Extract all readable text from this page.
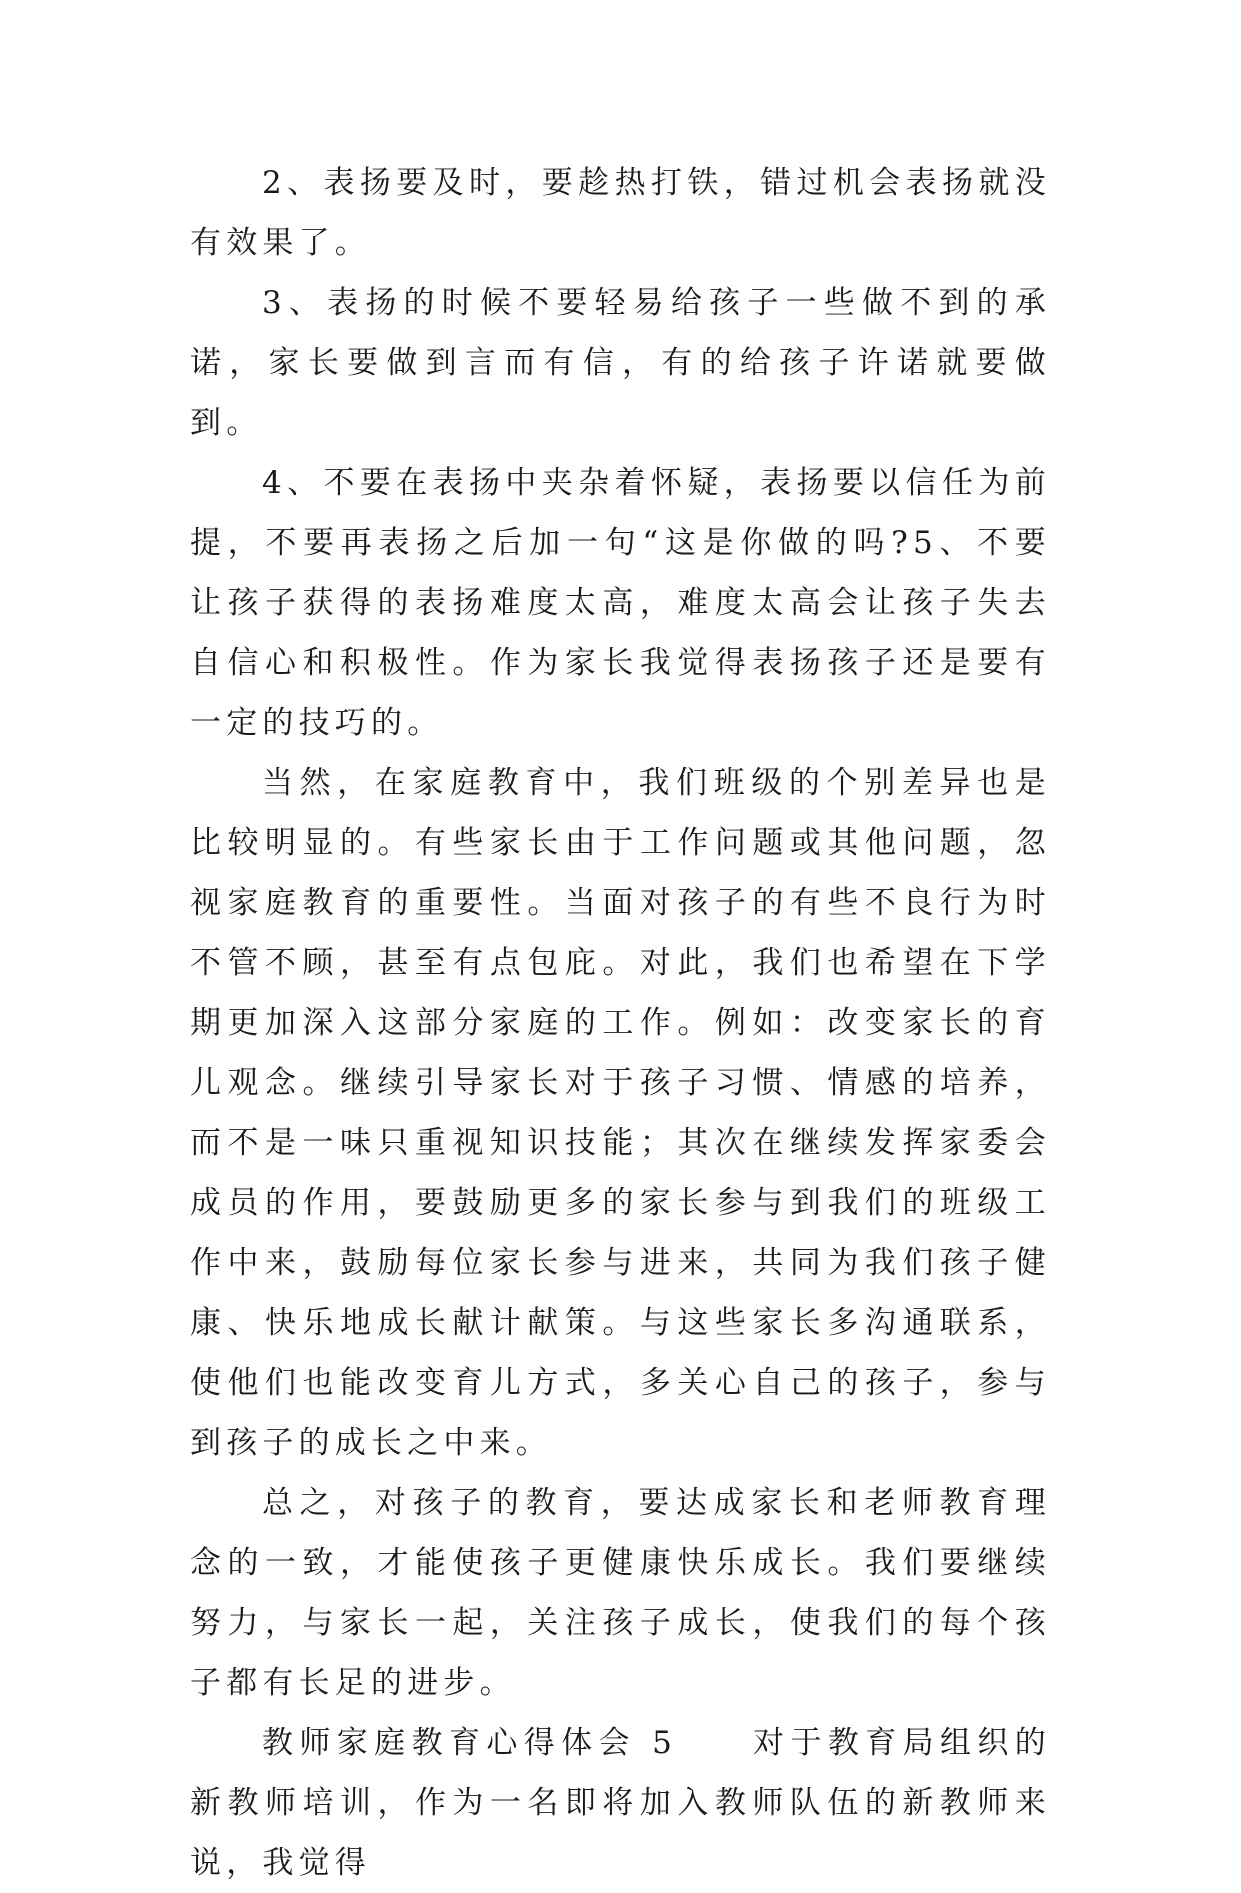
2、表扬要及时，要趁热打铁，错过机会表扬就没有效果了。

3、表扬的时候不要轻易给孩子一些做不到的承诺，家长要做到言而有信，有的给孩子许诺就要做到。

4、不要在表扬中夹杂着怀疑，表扬要以信任为前提，不要再表扬之后加一句“这是你做的吗?5、不要让孩子获得的表扬难度太高，难度太高会让孩子失去自信心和积极性。作为家长我觉得表扬孩子还是要有一定的技巧的。

当然，在家庭教育中，我们班级的个别差异也是比较明显的。有些家长由于工作问题或其他问题，忽视家庭教育的重要性。当面对孩子的有些不良行为时不管不顾，甚至有点包庇。对此，我们也希望在下学期更加深入这部分家庭的工作。例如：改变家长的育儿观念。继续引导家长对于孩子习惯、情感的培养，而不是一味只重视知识技能；其次在继续发挥家委会成员的作用，要鼓励更多的家长参与到我们的班级工作中来，鼓励每位家长参与进来，共同为我们孩子健康、快乐地成长献计献策。与这些家长多沟通联系，使他们也能改变育儿方式，多关心自己的孩子，参与到孩子的成长之中来。

总之，对孩子的教育，要达成家长和老师教育理念的一致，才能使孩子更健康快乐成长。我们要继续努力，与家长一起，关注孩子成长，使我们的每个孩子都有长足的进步。

教师家庭教育心得体会 5　　对于教育局组织的新教师培训，作为一名即将加入教师队伍的新教师来说，我觉得
